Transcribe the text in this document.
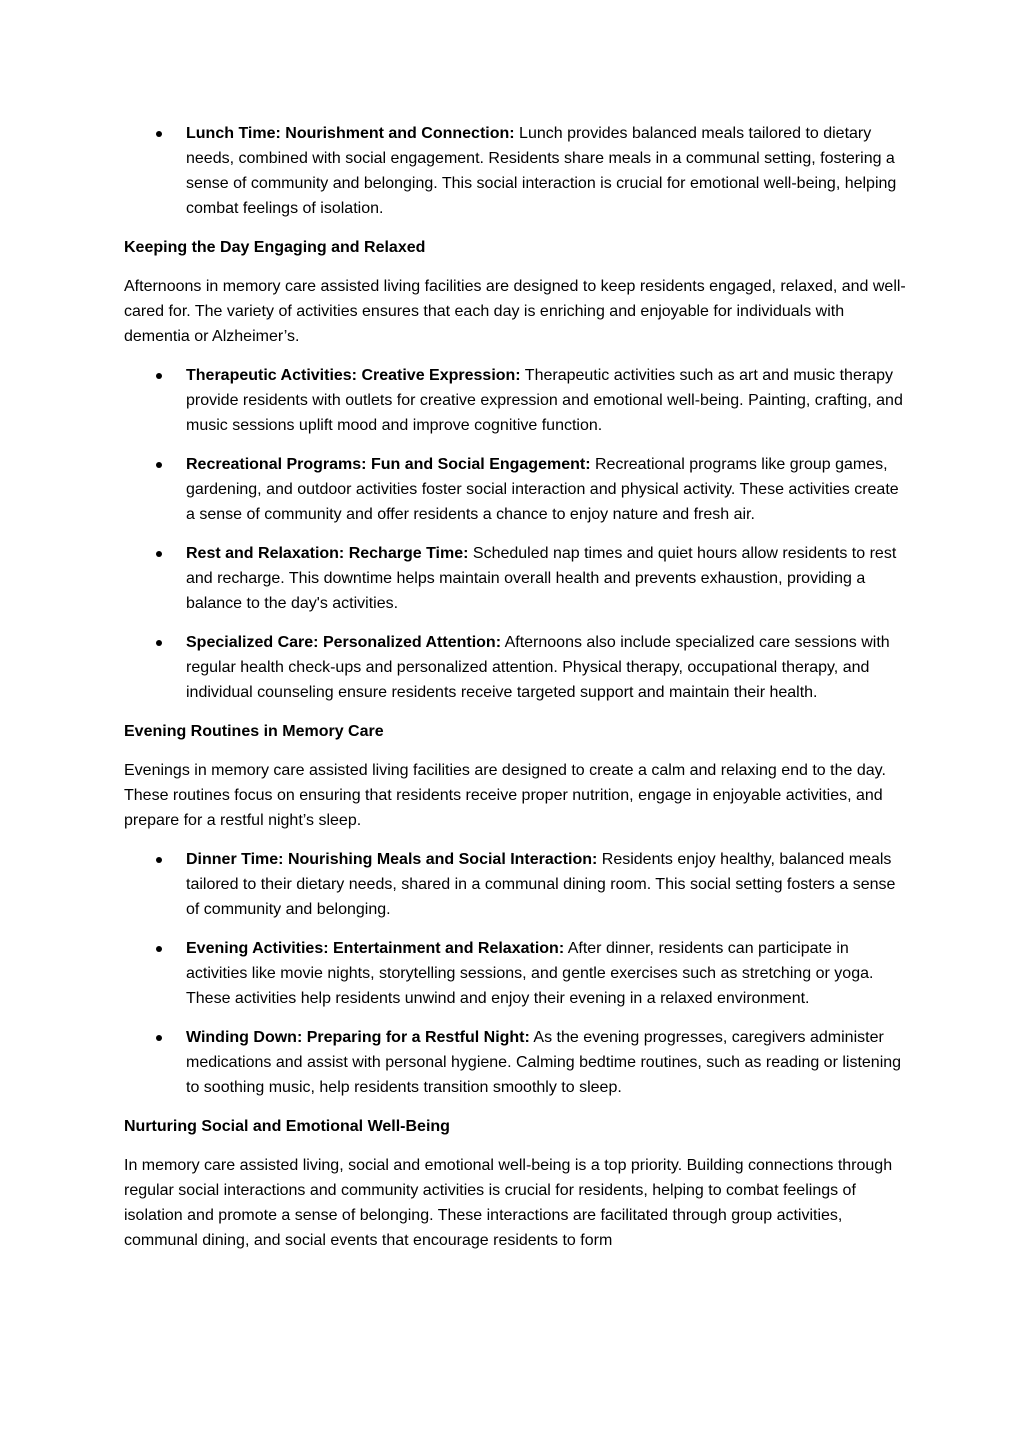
Lunch Time: Nourishment and Connection: Lunch provides balanced meals tailored to dietary needs, combined with social engagement. Residents share meals in a communal setting, fostering a sense of community and belonging. This social interaction is crucial for emotional well-being, helping combat feelings of isolation.
Keeping the Day Engaging and Relaxed

Afternoons in memory care assisted living facilities are designed to keep residents engaged, relaxed, and well-cared for. The variety of activities ensures that each day is enriching and enjoyable for individuals with dementia or Alzheimer’s.

Therapeutic Activities: Creative Expression: Therapeutic activities such as art and music therapy provide residents with outlets for creative expression and emotional well-being. Painting, crafting, and music sessions uplift mood and improve cognitive function.
Recreational Programs: Fun and Social Engagement: Recreational programs like group games, gardening, and outdoor activities foster social interaction and physical activity. These activities create a sense of community and offer residents a chance to enjoy nature and fresh air.
Rest and Relaxation: Recharge Time: Scheduled nap times and quiet hours allow residents to rest and recharge. This downtime helps maintain overall health and prevents exhaustion, providing a balance to the day's activities.
Specialized Care: Personalized Attention: Afternoons also include specialized care sessions with regular health check-ups and personalized attention. Physical therapy, occupational therapy, and individual counseling ensure residents receive targeted support and maintain their health.
Evening Routines in Memory Care

Evenings in memory care assisted living facilities are designed to create a calm and relaxing end to the day. These routines focus on ensuring that residents receive proper nutrition, engage in enjoyable activities, and prepare for a restful night’s sleep.

Dinner Time: Nourishing Meals and Social Interaction: Residents enjoy healthy, balanced meals tailored to their dietary needs, shared in a communal dining room. This social setting fosters a sense of community and belonging.
Evening Activities: Entertainment and Relaxation: After dinner, residents can participate in activities like movie nights, storytelling sessions, and gentle exercises such as stretching or yoga. These activities help residents unwind and enjoy their evening in a relaxed environment.
Winding Down: Preparing for a Restful Night: As the evening progresses, caregivers administer medications and assist with personal hygiene. Calming bedtime routines, such as reading or listening to soothing music, help residents transition smoothly to sleep.
Nurturing Social and Emotional Well-Being

In memory care assisted living, social and emotional well-being is a top priority. Building connections through regular social interactions and community activities is crucial for residents, helping to combat feelings of isolation and promote a sense of belonging. These interactions are facilitated through group activities, communal dining, and social events that encourage residents to form
